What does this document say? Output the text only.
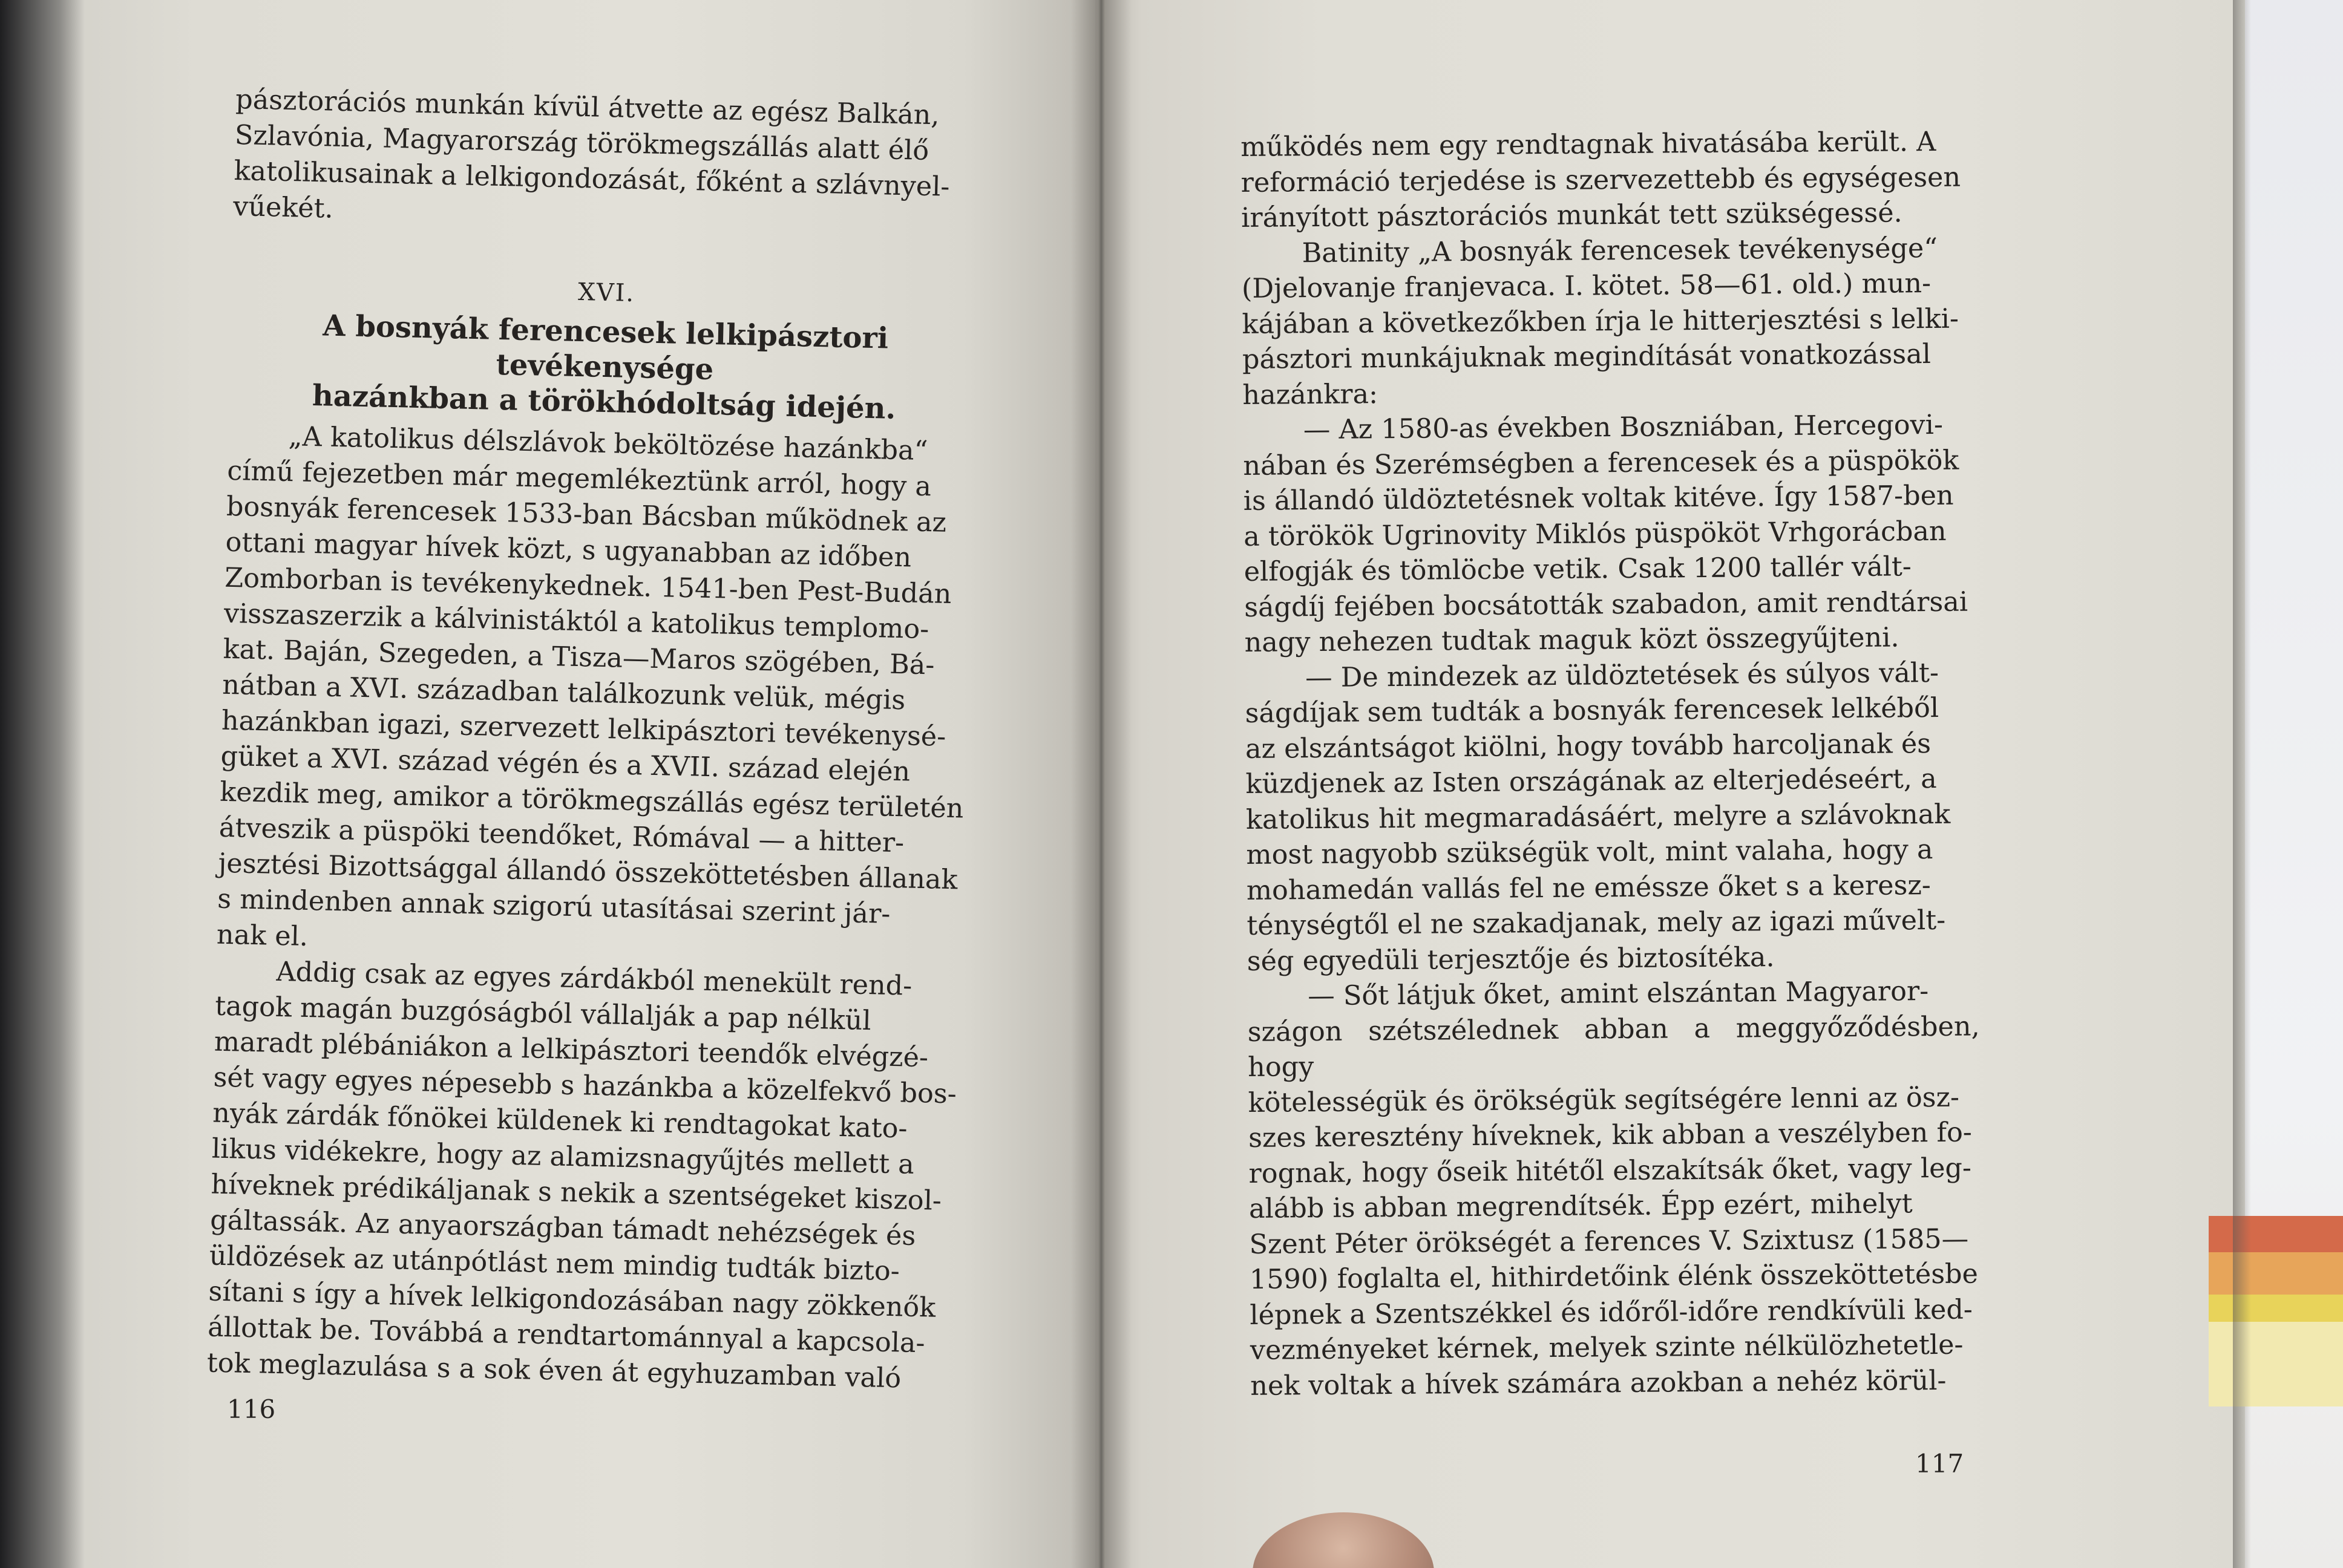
pásztorációs munkán kívül átvette az egész Balkán,
Szlavónia, Magyarország törökmegszállás alatt élő
katolikusainak a lelkigondozását, főként a szlávnyel-
vűekét.

XVI.

A bosnyák ferencesek lelkipásztori tevékenysége
hazánkban a törökhódoltság idején.

„A katolikus délszlávok beköltözése hazánkba“
című fejezetben már megemlékeztünk arról, hogy a
bosnyák ferencesek 1533-ban Bácsban működnek az
ottani magyar hívek közt, s ugyanabban az időben
Zomborban is tevékenykednek. 1541-ben Pest-Budán
visszaszerzik a kálvinistáktól a katolikus templomo-
kat. Baján, Szegeden, a Tisza—Maros szögében, Bá-
nátban a XVI. században találkozunk velük, mégis
hazánkban igazi, szervezett lelkipásztori tevékenysé-
güket a XVI. század végén és a XVII. század elején
kezdik meg, amikor a törökmegszállás egész területén
átveszik a püspöki teendőket, Rómával — a hitter-
jesztési Bizottsággal állandó összeköttetésben állanak
s mindenben annak szigorú utasításai szerint jár-
nak el.

Addig csak az egyes zárdákból menekült rend-
tagok magán buzgóságból vállalják a pap nélkül
maradt plébániákon a lelkipásztori teendők elvégzé-
sét vagy egyes népesebb s hazánkba a közelfekvő bos-
nyák zárdák főnökei küldenek ki rendtagokat kato-
likus vidékekre, hogy az alamizsnagyűjtés mellett a
híveknek prédikáljanak s nekik a szentségeket kiszol-
gáltassák. Az anyaországban támadt nehézségek és
üldözések az utánpótlást nem mindig tudták bizto-
sítani s így a hívek lelkigondozásában nagy zökkenők
állottak be. Továbbá a rendtartománnyal a kapcsola-
tok meglazulása s a sok éven át egyhuzamban való

116

működés nem egy rendtagnak hivatásába került. A
reformáció terjedése is szervezettebb és egységesen
irányított pásztorációs munkát tett szükségessé.

Batinity „A bosnyák ferencesek tevékenysége“
(Djelovanje franjevaca. I. kötet. 58—61. old.) mun-
kájában a következőkben írja le hitterjesztési s lelki-
pásztori munkájuknak megindítását vonatkozással
hazánkra:

— Az 1580-as években Boszniában, Hercegovi-
nában és Szerémségben a ferencesek és a püspökök
is állandó üldöztetésnek voltak kitéve. Így 1587-ben
a törökök Ugrinovity Miklós püspököt Vrhgorácban
elfogják és tömlöcbe vetik. Csak 1200 tallér vált-
ságdíj fejében bocsátották szabadon, amit rendtársai
nagy nehezen tudtak maguk közt összegyűjteni.

— De mindezek az üldöztetések és súlyos vált-
ságdíjak sem tudták a bosnyák ferencesek lelkéből
az elszántságot kiölni, hogy tovább harcoljanak és
küzdjenek az Isten országának az elterjedéseért, a
katolikus hit megmaradásáért, melyre a szlávoknak
most nagyobb szükségük volt, mint valaha, hogy a
mohamedán vallás fel ne emésszе őket s a keresz-
ténységtől el ne szakadjanak, mely az igazi művelt-
ség egyedüli terjesztője és biztosítéka.

— Sőt látjuk őket, amint elszántan Magyaror-
szágon szétszélednek abban a meggyőződésben, hogy
kötelességük és örökségük segítségére lenni az ösz-
szes keresztény híveknek, kik abban a veszélyben fo-
rognak, hogy őseik hitétől elszakítsák őket, vagy leg-
alább is abban megrendítsék. Épp ezért, mihelyt
Szent Péter örökségét a ferences V. Szixtusz (1585—
1590) foglalta el, hithirdetőink élénk összeköttetésbe
lépnek a Szentszékkel és időről-időre rendkívüli ked-
vezményeket kérnek, melyek szinte nélkülözhetetle-
nek voltak a hívek számára azokban a nehéz körül-

117
